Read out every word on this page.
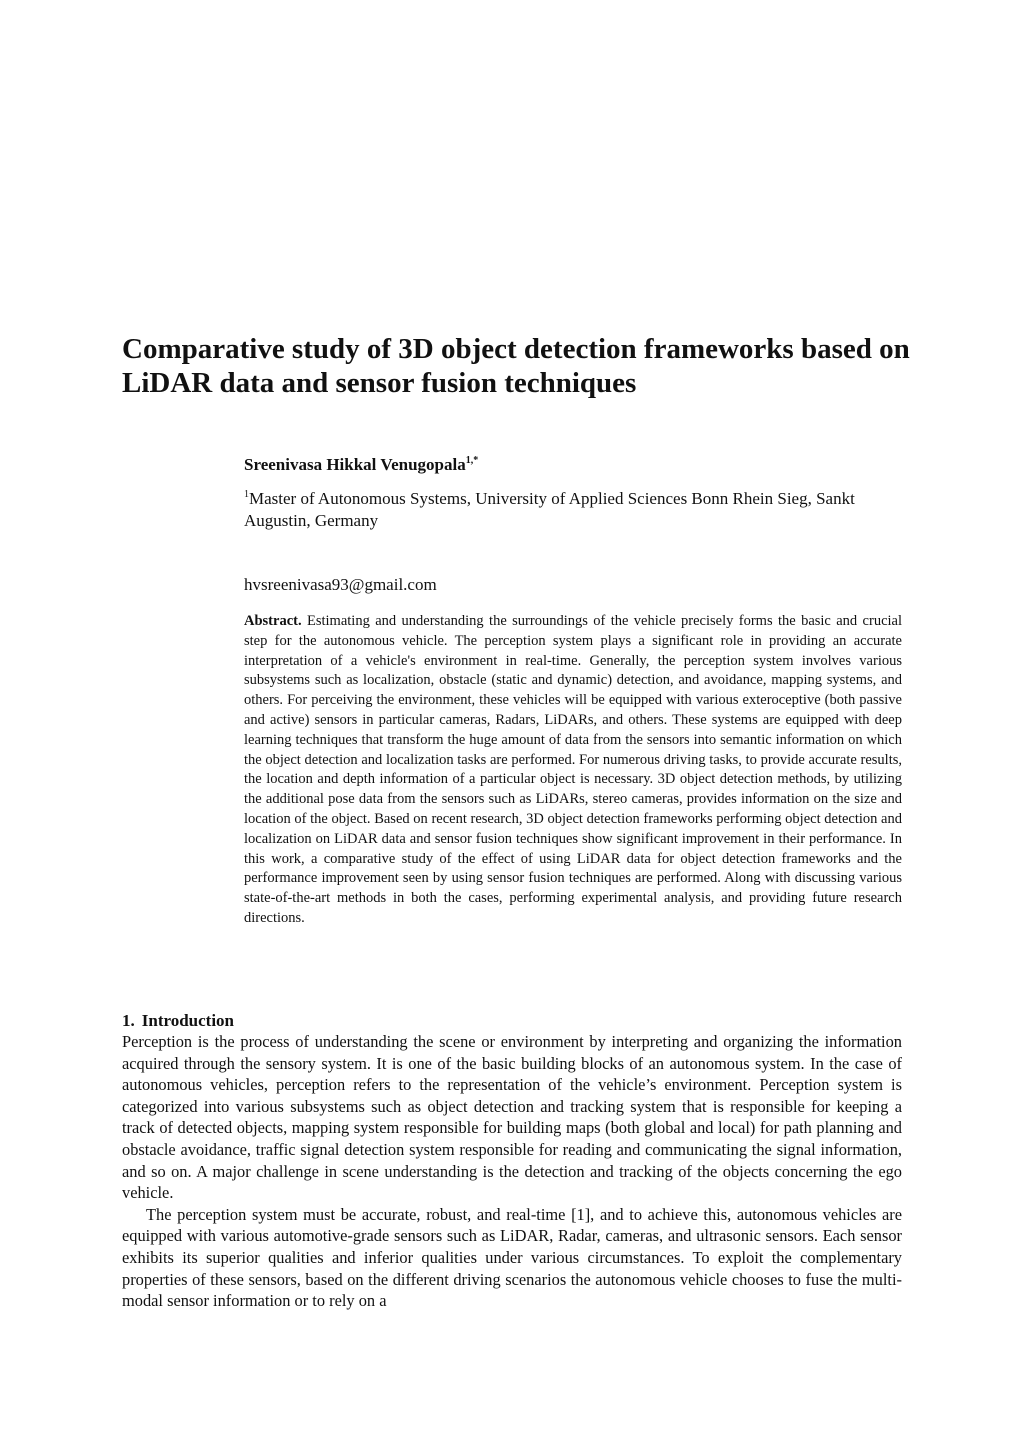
Comparative study of 3D object detection frameworks based on LiDAR data and sensor fusion techniques

Sreenivasa Hikkal Venugopala$^{1,*}$

$^1$Master of Autonomous Systems, University of Applied Sciences Bonn Rhein Sieg, Sankt Augustin, Germany

hvsreenivasa93@gmail.com

Abstract. Estimating and understanding the surroundings of the vehicle precisely forms the basic and crucial step for the autonomous vehicle. The perception system plays a significant role in providing an accurate interpretation of a vehicle's environment in real-time. Generally, the perception system involves various subsystems such as localization, obstacle (static and dynamic) detection, and avoidance, mapping systems, and others. For perceiving the environment, these vehicles will be equipped with various exteroceptive (both passive and active) sensors in particular cameras, Radars, LiDARs, and others. These systems are equipped with deep learning techniques that transform the huge amount of data from the sensors into semantic information on which the object detection and localization tasks are performed. For numerous driving tasks, to provide accurate results, the location and depth information of a particular object is necessary. 3D object detection methods, by utilizing the additional pose data from the sensors such as LiDARs, stereo cameras, provides information on the size and location of the object. Based on recent research, 3D object detection frameworks performing object detection and localization on LiDAR data and sensor fusion techniques show significant improvement in their performance. In this work, a comparative study of the effect of using LiDAR data for object detection frameworks and the performance improvement seen by using sensor fusion techniques are performed. Along with discussing various state-of-the-art methods in both the cases, performing experimental analysis, and providing future research directions.

1. Introduction

Perception is the process of understanding the scene or environment by interpreting and organizing the information acquired through the sensory system. It is one of the basic building blocks of an autonomous system. In the case of autonomous vehicles, perception refers to the representation of the vehicle’s environment. Perception system is categorized into various subsystems such as object detection and tracking system that is responsible for keeping a track of detected objects, mapping system responsible for building maps (both global and local) for path planning and obstacle avoidance, traffic signal detection system responsible for reading and communicating the signal information, and so on. A major challenge in scene understanding is the detection and tracking of the objects concerning the ego vehicle.

The perception system must be accurate, robust, and real-time [1], and to achieve this, autonomous vehicles are equipped with various automotive-grade sensors such as LiDAR, Radar, cameras, and ultrasonic sensors. Each sensor exhibits its superior qualities and inferior qualities under various circumstances. To exploit the complementary properties of these sensors, based on the different driving scenarios the autonomous vehicle chooses to fuse the multi-modal sensor information or to rely on a
